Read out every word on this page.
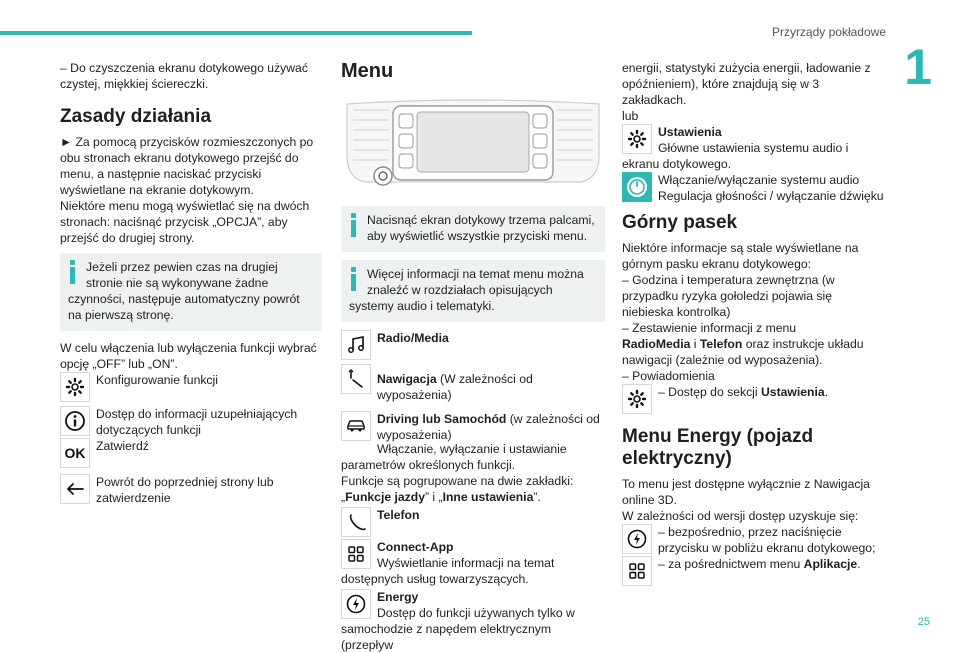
Przyrządy pokładowe
1
25

– Do czyszczenia ekranu dotykowego używać czystej, miękkiej ściereczki.

Zasady działania

► Za pomocą przycisków rozmieszczonych po obu stronach ekranu dotykowego przejść do menu, a następnie naciskać przyciski wyświetlane na ekranie dotykowym.

Niektóre menu mogą wyświetlać się na dwóch stronach: naciśnąć przycisk „OPCJA”, aby przejść do drugiej strony.

Jeżeli przez pewien czas na drugiej stronie nie są wykonywane żadne czynności, następuje automatyczny powrót na pierwszą stronę.

W celu włączenia lub wyłączenia funkcji wybrać opcję „OFF” lub „ON”.

Konfigurowanie funkcji
Dostęp do informacji uzupełniających dotyczących funkcji
OK Zatwierdź
Powrót do poprzedniej strony lub zatwierdzenie
Menu
Nacisnąć ekran dotykowy trzema palcami, aby wyświetlić wszystkie przyciski menu.
Więcej informacji na temat menu można znaleźć w rozdziałach opisujących systemy audio i telematyki.
Radio/Media
Nawigacja (W zależności od wyposażenia)
Driving lub Samochód (w zależności od wyposażenia)

Włączanie, wyłączanie i ustawianie parametrów określonych funkcji.

Funkcje są pogrupowane na dwie zakładki: „Funkcje jazdy” i „Inne ustawienia”.

Telefon
Connect-App
Wyświetlanie informacji na temat dostępnych usług towarzyszących.
Energy
Dostęp do funkcji używanych tylko w samochodzie z napędem elektrycznym (przepływ

energii, statystyki zużycia energii, ładowanie z opóźnieniem), które znajdują się w 3 zakładkach.

lub

Ustawienia
Główne ustawienia systemu audio i ekranu dotykowego.
Włączanie/wyłączanie systemu audio
Regulacja głośności / wyłączanie dźwięku
Górny pasek

Niektóre informacje są stale wyświetlane na górnym pasku ekranu dotykowego:

– Godzina i temperatura zewnętrzna (w przypadku ryzyka gołoledzi pojawia się niebieska kontrolka)

– Zestawienie informacji z menu

RadioMedia i Telefon oraz instrukcje układu nawigacji (zależnie od wyposażenia).

– Powiadomienia

– Dostęp do sekcji Ustawienia.
Menu Energy (pojazd elektryczny)

To menu jest dostępne wyłącznie z Nawigacja online 3D.

W zależności od wersji dostęp uzyskuje się:

– bezpośrednio, przez naciśnięcie przycisku w pobliżu ekranu dotykowego;
– za pośrednictwem menu Aplikacje.
